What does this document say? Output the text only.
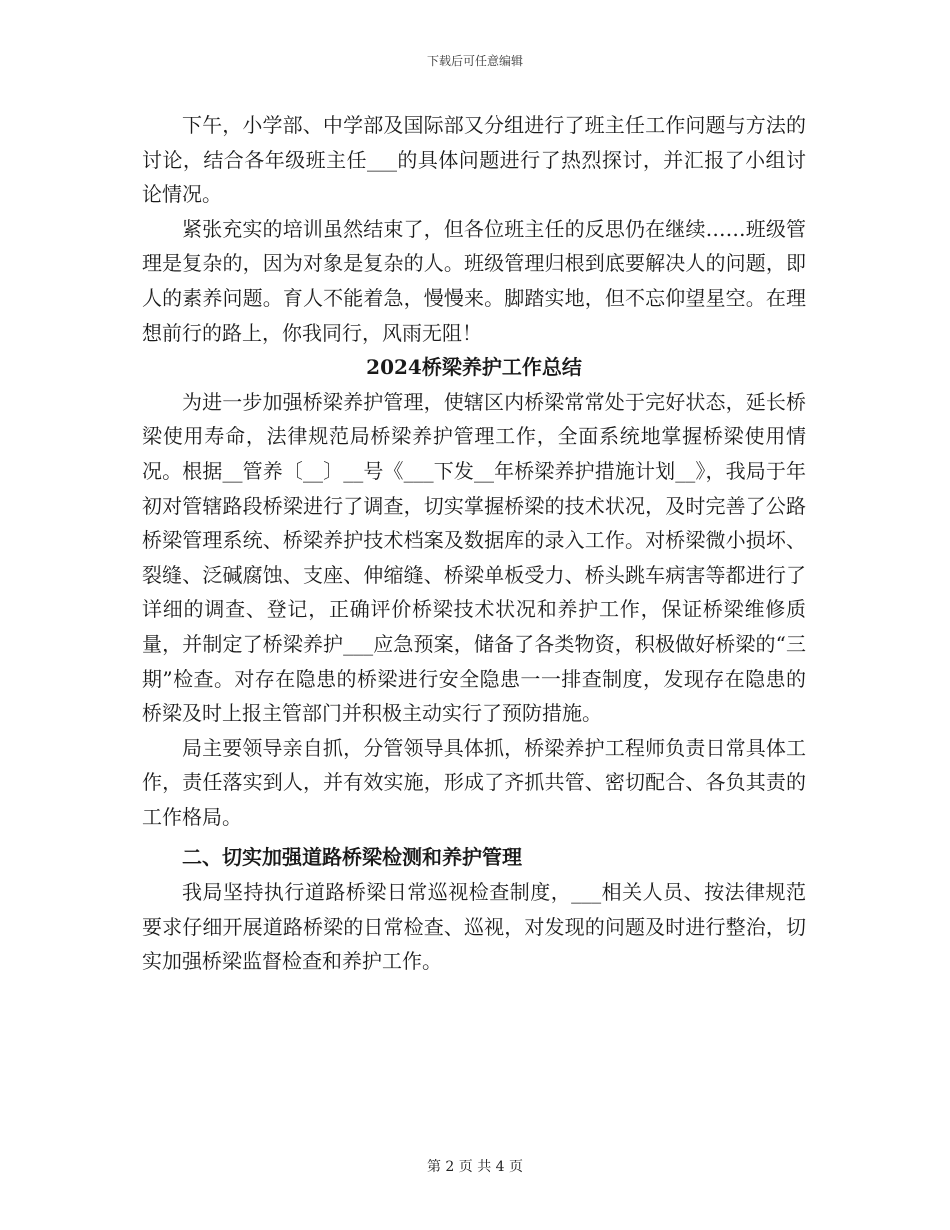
下载后可任意编辑

下午，小学部、中学部及国际部又分组进行了班主任工作问题与方法的讨论，结合各年级班主任___的具体问题进行了热烈探讨，并汇报了小组讨论情况。

紧张充实的培训虽然结束了，但各位班主任的反思仍在继续……班级管理是复杂的，因为对象是复杂的人。班级管理归根到底要解决人的问题，即人的素养问题。育人不能着急，慢慢来。脚踏实地，但不忘仰望星空。在理想前行的路上，你我同行，风雨无阻！

2024桥梁养护工作总结

为进一步加强桥梁养护管理，使辖区内桥梁常常处于完好状态，延长桥梁使用寿命，法律规范局桥梁养护管理工作，全面系统地掌握桥梁使用情况。根据__管养〔__〕__号《___下发__年桥梁养护措施计划__》，我局于年初对管辖路段桥梁进行了调查，切实掌握桥梁的技术状况，及时完善了公路桥梁管理系统、桥梁养护技术档案及数据库的录入工作。对桥梁微小损坏、裂缝、泛碱腐蚀、支座、伸缩缝、桥梁单板受力、桥头跳车病害等都进行了详细的调查、登记，正确评价桥梁技术状况和养护工作，保证桥梁维修质量，并制定了桥梁养护___应急预案，储备了各类物资，积极做好桥梁的“三期”检查。对存在隐患的桥梁进行安全隐患一一排查制度，发现存在隐患的桥梁及时上报主管部门并积极主动实行了预防措施。

局主要领导亲自抓，分管领导具体抓，桥梁养护工程师负责日常具体工作，责任落实到人，并有效实施，形成了齐抓共管、密切配合、各负其责的工作格局。

二、切实加强道路桥梁检测和养护管理

我局坚持执行道路桥梁日常巡视检查制度，___相关人员、按法律规范要求仔细开展道路桥梁的日常检查、巡视，对发现的问题及时进行整治，切实加强桥梁监督检查和养护工作。

第 2 页 共 4 页
